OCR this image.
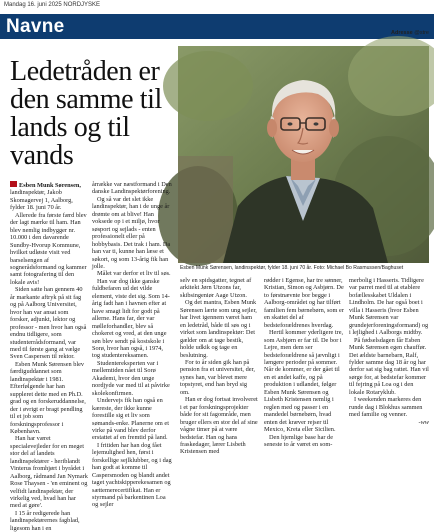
Mandag 16. juni 2025 NORDJYSKE
Navne	Adresse @stre
Ledetråden er den samme til lands og til vands
Esben Munk Sørensen, landinspektør, fylder 18. juni 70 år. Foto: Michael Bo Rasmussen/Baghuset

Esben Munk Sørensen, landinspektør, Jakob Skomagervej 1, Aalborg, fylder 18. juni 70 år.

Allerede fra første færd blev der lagt mærke til ham. Han blev nemlig indbygger nr. 10.000 i den davarende Sundby-Hvorup Kommune, hvilket udløste visit ved barselsengen af sognerådsformand og kammer samt fotografering til den lokale avis!

Siden satte han gennem 40 år markante aftryk på sit fag og på Aalborg Universitet, hvor han var ansat som forsker, adjunkt, lektor og professor - men hvor han også endnu tidligere, som studenterrådsformand, var med til første gang at vælge Sven Caspersen til rektor.

Esben Munk Sørensen blev færdiguddannet som landinspektør i 1981. Efterfølgende har han suppleret dette med en Ph.D. grad og en forskeruddannelse, der i øvrigt er bragt pendling til et job som forskningsprofessor i København.

Han har været specialevejleder for en meget stor del af landets landinspektører - heriblandt Vinterus fromhjørt i byrådet i Aalborg, rådmand Jan Nymark Rose Thaysen - 'en eminent og velfidt landinspektør, der virkelig ved, hvad han har med at gøre'.

I 15 år redigerede han landinspektørernes fagblad, ligesom han i en

årrække var næstformand i Den danske Landinspektørforening.

Og så var det slet ikke landinspektør, han i de unge år drømte om at blive! Han voksede op i et miljø, hvor søsport og sejlads - enten professionelt eller på hobbybasis. Det trak i ham. Da han var ti, kunne han læse et søkort, og som 13-årig fik han jolle.

Målet var derfor et liv til søs.

Han var dog ikke ganske fuldbefaren ud det vilde element, viste det sig. Som 14-årig fadt han i havnen efter at have smagt lidt for godt på allerne. Hans far, der var mølleforhandler, blev så chokeret og vred, at den unge søn blev sendt på kostskole i Sorø, hvor han også, i 1974, tog studentereksamen.

Studentereksperten var i mellemtiden nået til Sorø Akademi, hvor den unge nordjyde var med til at påvirke skolekonfirmen.

Undervejs fik han også en kæreste, der ikke kunne forestille sig et liv som sømands-enke. Planerne om et virke på vand blev derfor erstattet af en fremtid på land.

I fritiden har han dog fået lejemulighed hen, først i forskellige sejlklubber, og i dag han godt at komme til Caspersmoden og blandt andet taget yachtskipperekesamen og sættemerecertifikat. Han er styrmand på barkentinen Loa og sejler

selv en spidsgatter, tegnet af arkitekt Jørn Utzons far, skibsingeniør Aage Utzon.

Og det mantra, Esben Munk Sørensen lærte som ung sejler, har livet igennem været ham en ledetråd, både til søs og i virket som landinspektør: Det gælder om at tage bestik, holde udkik og tage en beslutning.

For to år siden gik han på pension fra et universitet, der, synes han, var blevet mere topstyret, end han bryd sig om.

Han er dog fortsat involveret i et par forskningsprojekter både for sit fagområde, men bruger ellers en stor del af sine vågne timer på at være bedstefar. Han og hans fraskedager, lærer Lisbeth Kristensen med

rødder i Egense, har tre sønner, Kristian, Simon og Asbjørn. De to førstnævnte bor begge i Aalborg-området og har tilført familien fem børnebørn, som er en skattet del af bedsteforældrenes hverdag.

Hertil kommer yderligere tre, som Asbjørn er far til. De bor i Lejre, men dem ser bedsteforældrene så jævnligt i længere perioder på sommer. Når de kommer, er der gået til en et andet kaffe, og på produktion i udlandet, følger Esben Munk Sørensen og Lisbeth Kristensen nemlig i reglen med og passer i en mandedel børnebørn, hvad enten det kræver rejser til Mexico, Kreta eller Sicilien.

Den hjemlige base har de seneste to år været en som-

merbolig i Hasseris. Tidligere var parret med til at etablere bofællesskabet Uldalen i Lindholm. De har også boet i villa i Hasseris (hvor Esben Munk Sørensen var grundejerforeningsformand) og i lejlighed i Aalborgs midtby.

På fødselsdagen får Esben Munk Sørensen egen chauffør. Det ældste barnebarn, Ralf, fylder samme dag 18 år og har derfor sat sig bag rattet. Han vil sørge for, at bedstefar kommer til fejring på Loa og i den lokale Rotaryklub.

I weekenden markeres den runde dag i Blokhus sammen med familie og venner.

-ww
